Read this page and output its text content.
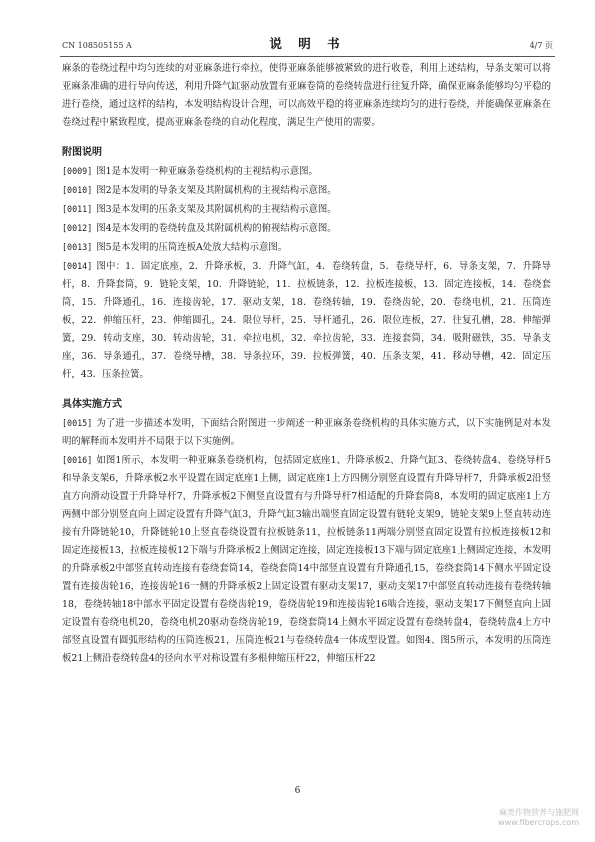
CN 108505155 A	说 明 书	4/7 页

麻条的卷绕过程中均匀连续的对亚麻条进行牵拉，使得亚麻条能够被紧致的进行收卷，利用上述结构，导条支架可以将亚麻条准确的进行导向传送，利用升降气缸驱动放置有亚麻卷筒的卷绕转盘进行往复升降，确保亚麻条能够均匀平稳的进行卷绕，通过这样的结构，本发明结构设计合理，可以高效平稳的将亚麻条连续均匀的进行卷绕，并能确保亚麻条在卷绕过程中紧致程度，提高亚麻条卷绕的自动化程度，满足生产使用的需要。

附图说明

[0009] 图1是本发明一种亚麻条卷绕机构的主视结构示意图。

[0010] 图2是本发明的导条支架及其附属机构的主视结构示意图。

[0011] 图3是本发明的压条支架及其附属机构的主视结构示意图。

[0012] 图4是本发明的卷绕转盘及其附属机构的俯视结构示意图。

[0013] 图5是本发明的压筒连板A处放大结构示意图。

[0014] 图中：1．固定底座，2．升降承板，3．升降气缸，4．卷绕转盘，5．卷绕导杆，6．导条支架，7．升降导杆，8．升降套筒，9．链轮支架，10．升降链轮，11．拉板链条，12．拉板连接板，13．固定连接板，14．卷绕套筒，15．升降通孔，16．连接齿轮，17．驱动支架，18．卷绕转轴，19．卷绕齿轮，20．卷绕电机，21．压筒连板，22．伸缩压杆，23．伸缩圆孔，24．限位导杆，25．导杆通孔，26．限位连板，27．往复孔槽，28．伸缩弹簧，29．转动支座，30．转动齿轮，31．牵拉电机，32．牵拉齿轮，33．连接套筒，34．吸附磁铁，35．导条支座，36．导条通孔，37．卷绕导槽，38．导条拉环，39．拉板弹簧，40．压条支架，41．移动导槽，42．固定压杆，43．压条拉簧。

具体实施方式

[0015] 为了进一步描述本发明，下面结合附图进一步阐述一种亚麻条卷绕机构的具体实施方式，以下实施例是对本发明的解释而本发明并不局限于以下实施例。

[0016] 如图1所示，本发明一种亚麻条卷绕机构，包括固定底座1、升降承板2、升降气缸3、卷绕转盘4、卷绕导杆5和导条支架6，升降承板2水平设置在固定底座1上侧，固定底座1上方四侧分别竖直设置有升降导杆7，升降承板2沿竖直方向滑动设置于升降导杆7，升降承板2下侧竖直设置有与升降导杆7相适配的升降套筒8，本发明的固定底座1上方两侧中部分别竖直向上固定设置有升降气缸3，升降气缸3输出端竖直固定设置有链轮支架9，链轮支架9上竖直转动连接有升降链轮10，升降链轮10上竖直卷绕设置有拉板链条11，拉板链条11两端分别竖直固定设置有拉板连接板12和固定连接板13，拉板连接板12下端与升降承板2上侧固定连接，固定连接板13下端与固定底座1上侧固定连接，本发明的升降承板2中部竖直转动连接有卷绕套筒14，卷绕套筒14中部竖直设置有升降通孔15，卷绕套筒14下侧水平固定设置有连接齿轮16，连接齿轮16一侧的升降承板2上固定设置有驱动支架17，驱动支架17中部竖直转动连接有卷绕转轴18，卷绕转轴18中部水平固定设置有卷绕齿轮19，卷绕齿轮19和连接齿轮16啮合连接，驱动支架17下侧竖直向上固定设置有卷绕电机20，卷绕电机20驱动卷绕齿轮19，卷绕套筒14上侧水平固定设置有卷绕转盘4，卷绕转盘4上方中部竖直设置有圆弧形结构的压筒连板21，压筒连板21与卷绕转盘4一体成型设置。如图4、图5所示，本发明的压筒连板21上侧沿卷绕转盘4的径向水平对称设置有多根伸缩压杆22，伸缩压杆22

6
麻类作物营养与施肥网
www.fibercrops.com
